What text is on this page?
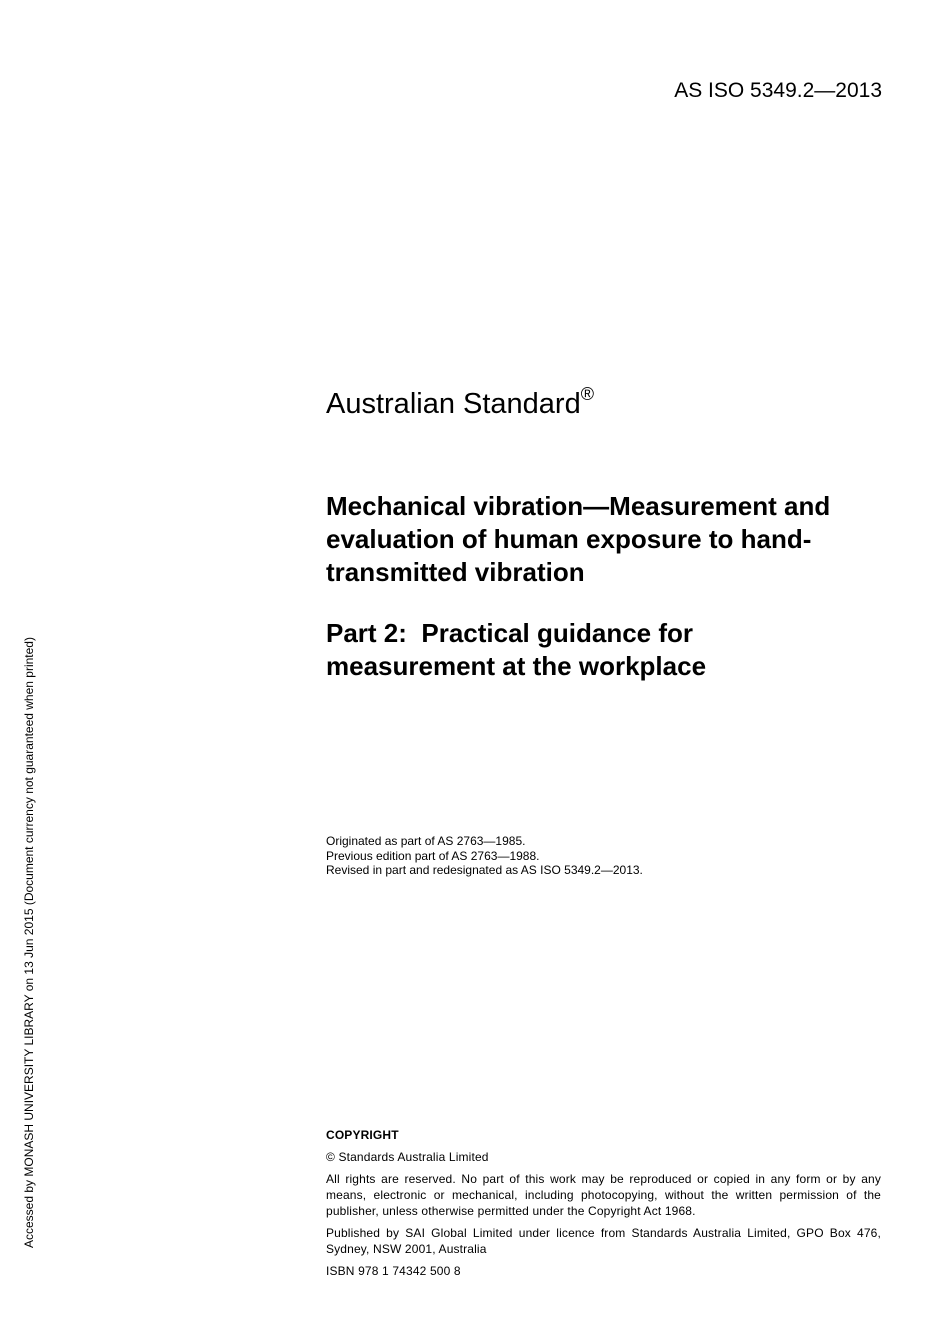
AS ISO 5349.2—2013
Australian Standard®
Mechanical vibration—Measurement and evaluation of human exposure to hand-transmitted vibration
Part 2:  Practical guidance for
measurement at the workplace
Originated as part of AS 2763—1985.
Previous edition part of AS 2763—1988.
Revised in part and redesignated as AS ISO 5349.2—2013.
COPYRIGHT
© Standards Australia Limited
All rights are reserved. No part of this work may be reproduced or copied in any form or by any means, electronic or mechanical, including photocopying, without the written permission of the publisher, unless otherwise permitted under the Copyright Act 1968.
Published by SAI Global Limited under licence from Standards Australia Limited, GPO Box 476, Sydney, NSW 2001, Australia
ISBN 978 1 74342 500 8
Accessed by MONASH UNIVERSITY LIBRARY on 13 Jun 2015 (Document currency not guaranteed when printed)
